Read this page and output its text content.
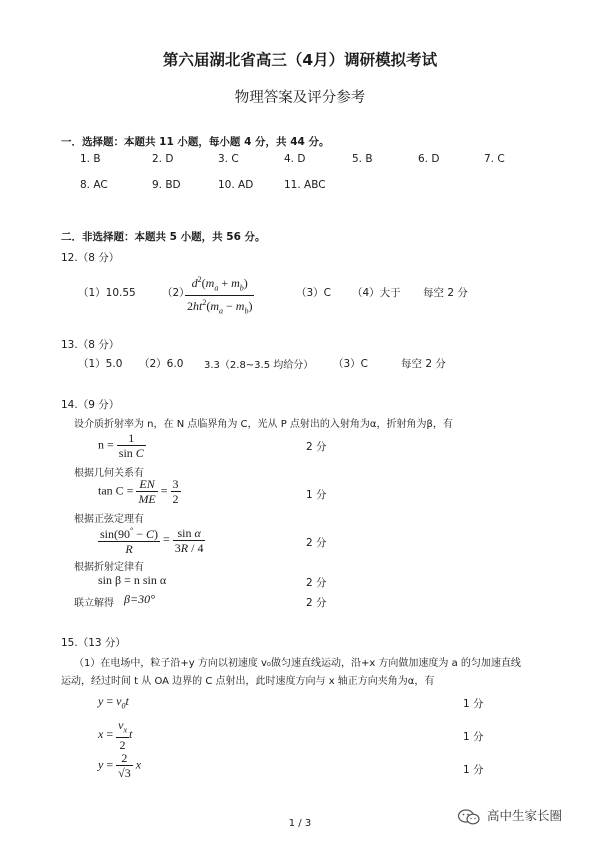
第六届湖北省高三（4月）调研模拟考试
物理答案及评分参考
一．选择题：本题共 11 小题，每小题 4 分，共 44 分。
1. B	2. D	3. C	4. D	5. B	6. D	7. C
8. AC	9. BD	10. AD	11. ABC
二．非选择题：本题共 5 小题，共 56 分。
12.（8 分）
（1）10.55	（2）
$\frac{d^2(m_a + m_b)}{2ht^2(m_a - m_b)}$	（3）C （4）大于 每空 2 分
13.（8 分）
（1）5.0 （2）6.0 3.3（2.8~3.5 均给分） （3）C	每空 2 分
14.（9 分）
设介质折射率为 n，在 N 点临界角为 C，光从 P 点射出的入射角为α，折射角为β，有
$n = \frac{1}{\text{sin C}}$	2 分
根据几何关系有
$\tan C = \frac{EN}{ME} = \frac{3}{2}$	1 分
根据正弦定理有
$\frac{\sin(90^\circ - C)}{R} = \frac{\text{sin α}}{3R / 4}$	2 分
根据折射定律有
sin β = n sin α	2 分
联立解得 β=30°	2 分
15.（13 分）
（1）在电场中，粒子沿+y 方向以初速度 v₀做匀速直线运动，沿+x 方向做加速度为 a 的匀加速直线
运动，经过时间 t 从 OA 边界的 C 点射出，此时速度方向与 x 轴正方向夹角为α，有
$y = v_0t$	1 分
$x = \frac{v_x}{2}$ t	1 分
$y = \frac{2}{√3}$ x	1 分
1 / 3
高中生家长圈
